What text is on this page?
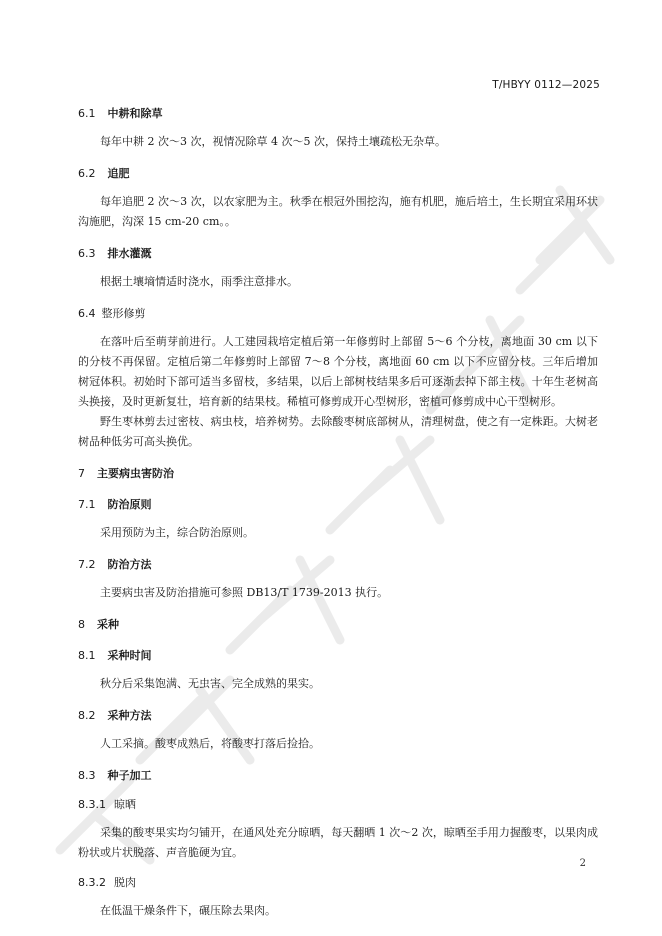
T/HBYY 0112—2025
6.1 中耕和除草

每年中耕 2 次～3 次，视情况除草 4 次～5 次，保持土壤疏松无杂草。

6.2 追肥

每年追肥 2 次～3 次，以农家肥为主。秋季在根冠外围挖沟，施有机肥，施后培土，生长期宜采用环状沟施肥，沟深 15 cm-20 cm。。

6.3 排水灌溉

根据土壤墒情适时浇水，雨季注意排水。

6.4 整形修剪

在落叶后至萌芽前进行。人工建园栽培定植后第一年修剪时上部留 5～6 个分枝，离地面 30 cm 以下的分枝不再保留。定植后第二年修剪时上部留 7～8 个分枝，离地面 60 cm 以下不应留分枝。三年后增加树冠体积。初始时下部可适当多留枝，多结果，以后上部树枝结果多后可逐渐去掉下部主枝。十年生老树高头换接，及时更新复壮，培育新的结果枝。稀植可修剪成开心型树形，密植可修剪成中心干型树形。

野生枣林剪去过密枝、病虫枝，培养树势。去除酸枣树底部树从，清理树盘，使之有一定株距。大树老树品种低劣可高头换优。

7 主要病虫害防治
7.1 防治原则

采用预防为主，综合防治原则。

7.2 防治方法

主要病虫害及防治措施可参照 DB13/T 1739-2013 执行。

8 采种
8.1 采种时间

秋分后采集饱满、无虫害、完全成熟的果实。

8.2 采种方法

人工采摘。酸枣成熟后，将酸枣打落后捡拾。

8.3 种子加工
8.3.1 晾晒

采集的酸枣果实均匀铺开，在通风处充分晾晒，每天翻晒 1 次～2 次，晾晒至手用力握酸枣，以果肉成粉状或片状脱落、声音脆硬为宜。

8.3.2 脱肉

在低温干燥条件下，碾压除去果肉。

2
